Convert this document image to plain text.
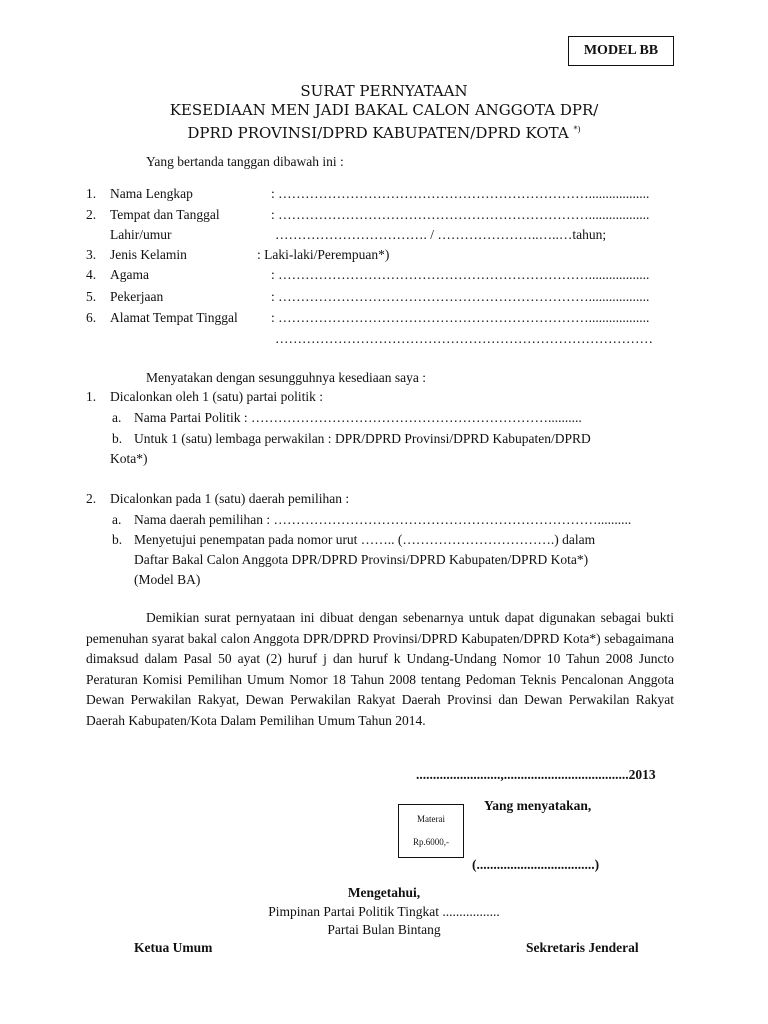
MODEL BB
SURAT PERNYATAAN
KESEDIAAN MEN JADI BAKAL CALON ANGGOTA DPR/
DPRD PROVINSI/DPRD KABUPATEN/DPRD KOTA *)
Yang bertanda tanggan dibawah ini :
1. Nama Lengkap	: ……………………………………………………………..................
2. Tempat dan Tanggal	: ……………………………………………………………..................
Lahir/umur	……………………………. / …………………..…..…tahun;
3. Jenis Kelamin	: Laki-laki/Perempuan*)
4. Agama	: ……………………………………………………………..................
5. Pekerjaan	: ……………………………………………………………..................
6. Alamat Tempat Tinggal : ……………………………………………………………..................
…………………………………………………………………………
Menyatakan dengan sesungguhnya kesediaan saya :
1. Dicalonkan oleh 1 (satu) partai politik :
a. Nama Partai Politik : …………………………………………………………..........
b. Untuk 1 (satu) lembaga perwakilan : DPR/DPRD Provinsi/DPRD Kabupaten/DPRD
Kota*)
2. Dicalonkan pada 1 (satu) daerah pemilihan :
a. Nama daerah pemilihan : ………………………………………………………………..........
b. Menyetujui penempatan pada nomor urut …….. (…………………………….) dalam
Daftar Bakal Calon Anggota DPR/DPRD Provinsi/DPRD Kabupaten/DPRD Kota*)
(Model BA)
Demikian surat pernyataan ini dibuat dengan sebenarnya untuk dapat digunakan sebagai bukti pemenuhan syarat bakal calon Anggota DPR/DPRD Provinsi/DPRD Kabupaten/DPRD Kota*) sebagaimana dimaksud dalam Pasal 50 ayat (2) huruf j dan huruf k Undang-Undang Nomor 10 Tahun 2008 Juncto Peraturan Komisi Pemilihan Umum Nomor 18 Tahun 2008 tentang Pedoman Teknis Pencalonan Anggota Dewan Perwakilan Rakyat, Dewan Perwakilan Rakyat Daerah Provinsi dan Dewan Perwakilan Rakyat Daerah Kabupaten/Kota Dalam Pemilihan Umum Tahun 2014.
.........................,.....................................2013
Yang menyatakan,
Materai
Rp.6000,-
(...................................)
Mengetahui,
Pimpinan Partai Politik Tingkat .................
Partai Bulan Bintang
Ketua Umum	Sekretaris Jenderal
